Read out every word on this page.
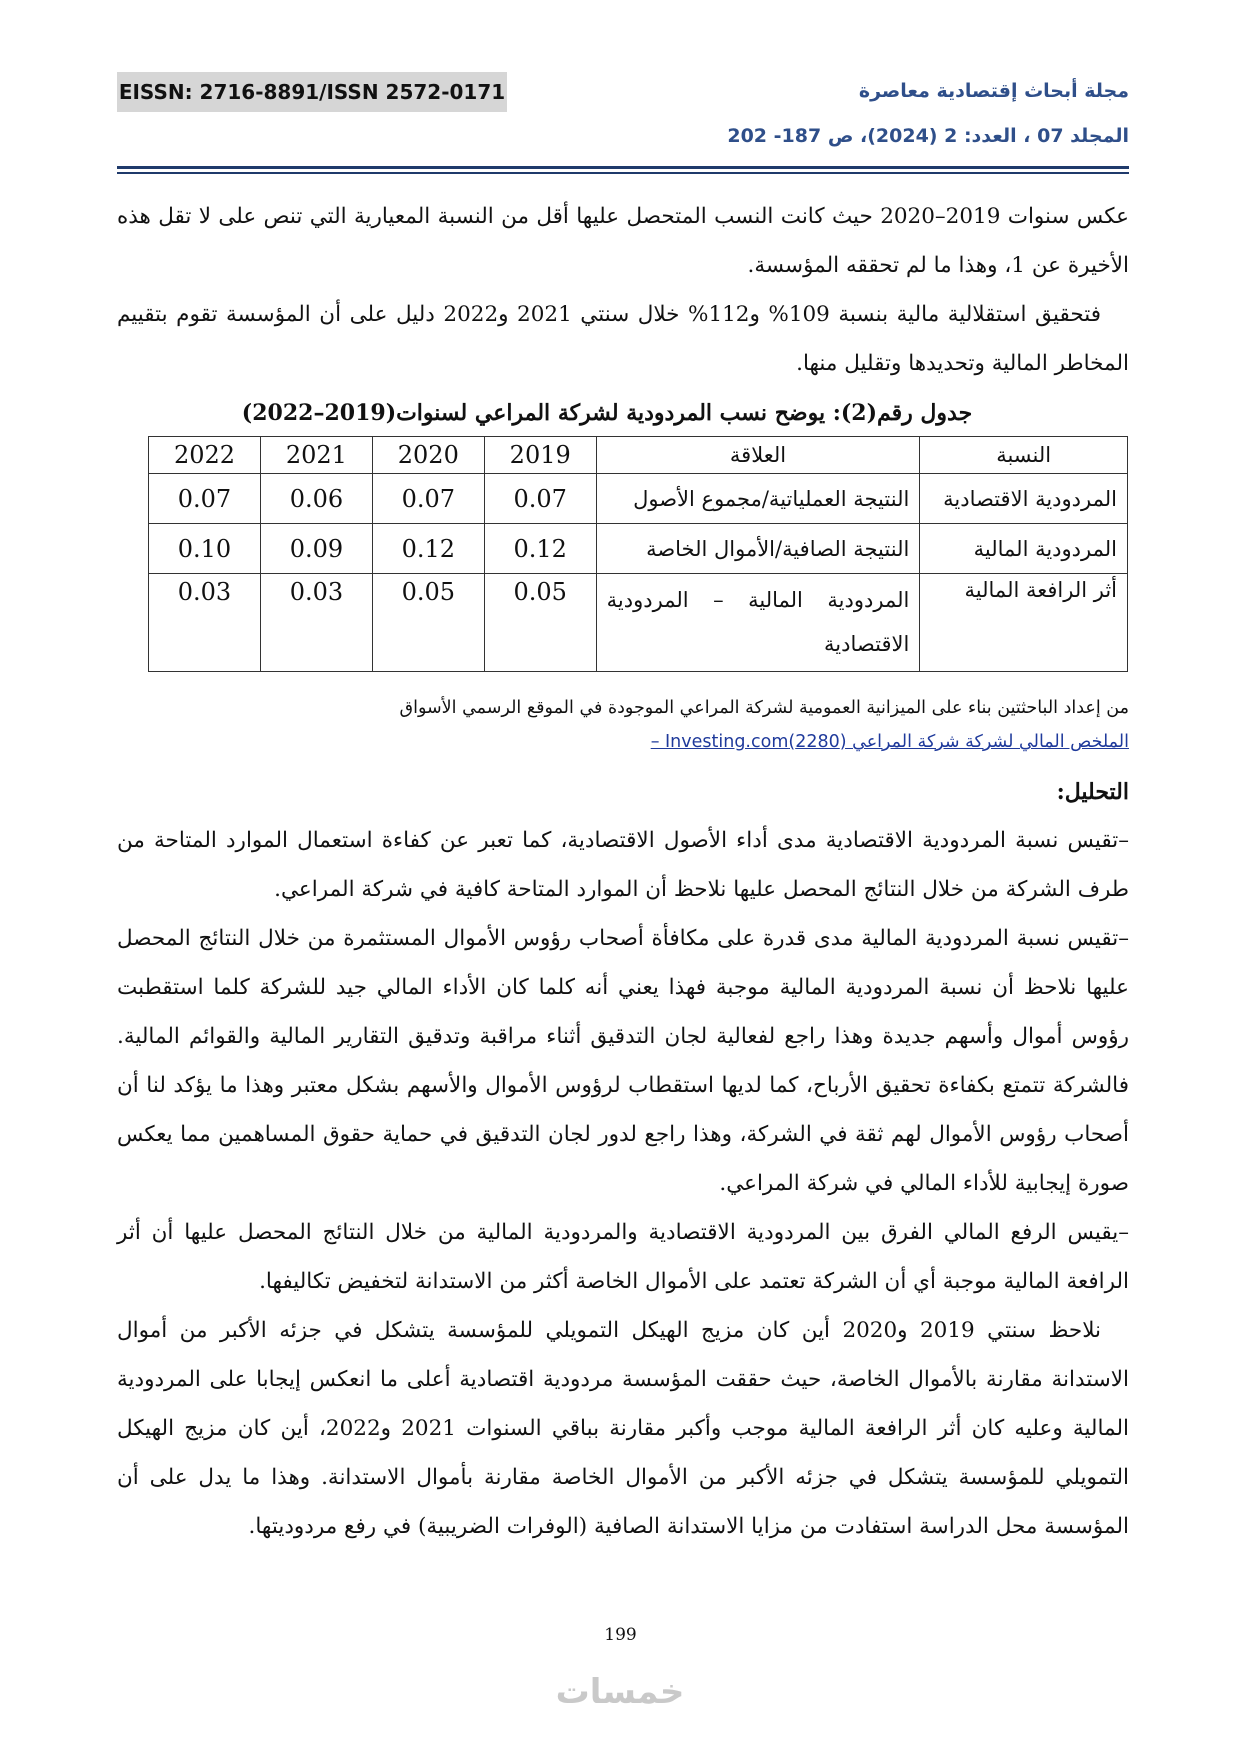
EISSN: 2716-8891/ISSN 2572-0171	مجلة أبحاث إقتصادية معاصرة
المجلد 07 ، العدد: 2 (2024)، ص 187- 202

عكس سنوات 2019–2020 حيث كانت النسب المتحصل عليها أقل من النسبة المعيارية التي تنص على لا تقل هذه الأخيرة عن 1، وهذا ما لم تحققه المؤسسة.

فتحقيق استقلالية مالية بنسبة 109% و112% خلال سنتي 2021 و2022 دليل على أن المؤسسة تقوم بتقييم المخاطر المالية وتحديدها وتقليل منها.

جدول رقم(2): يوضح نسب المردودية لشركة المراعي لسنوات(2019–2022)
النسبة	العلاقة	2019	2020	2021	2022
المردودية الاقتصادية	النتيجة العملياتية/مجموع الأصول	0.07	0.07	0.06	0.07
المردودية المالية	النتيجة الصافية/الأموال الخاصة	0.12	0.12	0.09	0.10
أثر الرافعة المالية	المردودية المالية – المردودية الاقتصادية	0.05	0.05	0.03	0.03
من إعداد الباحثتين بناء على الميزانية العمومية لشركة المراعي الموجودة في الموقع الرسمي الأسواق
الملخص المالي لشركة شركة المراعي (2280)Investing.com –
التحليل:

–تقيس نسبة المردودية الاقتصادية مدى أداء الأصول الاقتصادية، كما تعبر عن كفاءة استعمال الموارد المتاحة من طرف الشركة من خلال النتائج المحصل عليها نلاحظ أن الموارد المتاحة كافية في شركة المراعي.

–تقيس نسبة المردودية المالية مدى قدرة على مكافأة أصحاب رؤوس الأموال المستثمرة من خلال النتائج المحصل عليها نلاحظ أن نسبة المردودية المالية موجبة فهذا يعني أنه كلما كان الأداء المالي جيد للشركة كلما استقطبت رؤوس أموال وأسهم جديدة وهذا راجع لفعالية لجان التدقيق أثناء مراقبة وتدقيق التقارير المالية والقوائم المالية. فالشركة تتمتع بكفاءة تحقيق الأرباح، كما لديها استقطاب لرؤوس الأموال والأسهم بشكل معتبر وهذا ما يؤكد لنا أن أصحاب رؤوس الأموال لهم ثقة في الشركة، وهذا راجع لدور لجان التدقيق في حماية حقوق المساهمين مما يعكس صورة إيجابية للأداء المالي في شركة المراعي.

–يقيس الرفع المالي الفرق بين المردودية الاقتصادية والمردودية المالية من خلال النتائج المحصل عليها أن أثر الرافعة المالية موجبة أي أن الشركة تعتمد على الأموال الخاصة أكثر من الاستدانة لتخفيض تكاليفها.

نلاحظ سنتي 2019 و2020 أين كان مزيج الهيكل التمويلي للمؤسسة يتشكل في جزئه الأكبر من أموال الاستدانة مقارنة بالأموال الخاصة، حيث حققت المؤسسة مردودية اقتصادية أعلى ما انعكس إيجابا على المردودية المالية وعليه كان أثر الرافعة المالية موجب وأكبر مقارنة بباقي السنوات 2021 و2022، أين كان مزيج الهيكل التمويلي للمؤسسة يتشكل في جزئه الأكبر من الأموال الخاصة مقارنة بأموال الاستدانة. وهذا ما يدل على أن المؤسسة محل الدراسة استفادت من مزايا الاستدانة الصافية (الوفرات الضريبية) في رفع مردوديتها.

199
خمسات
